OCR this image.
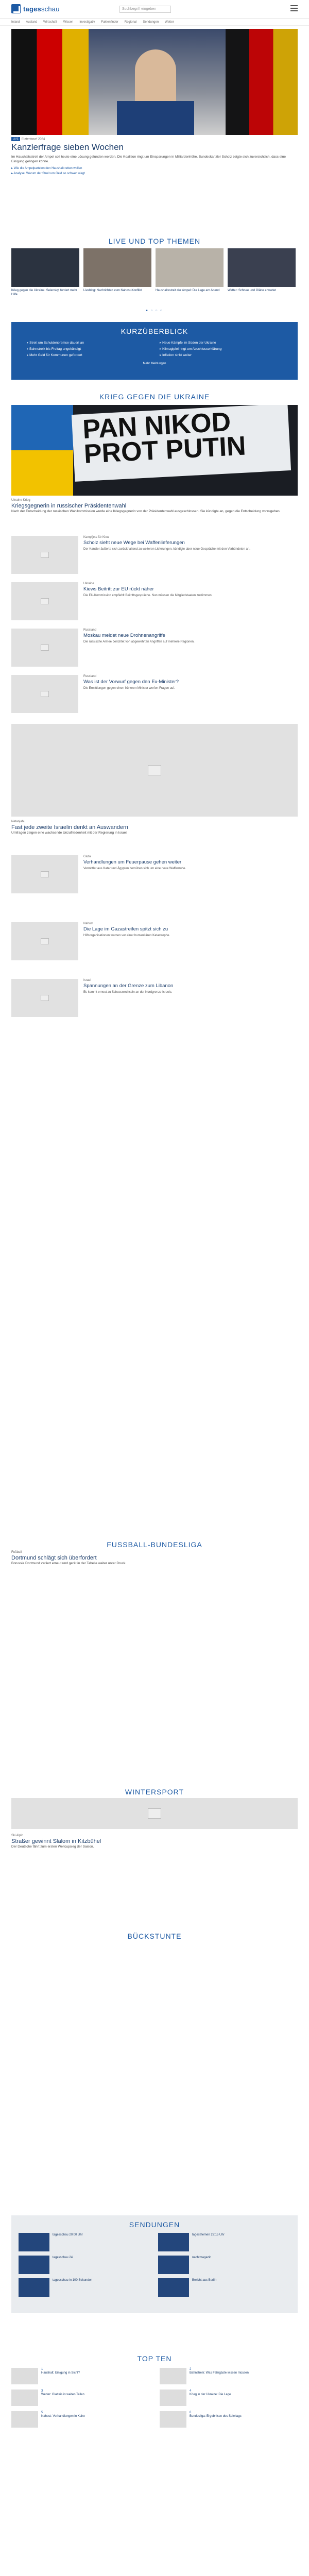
tagesschau	Suchbegriff eingeben
Inland Ausland Wirtschaft Wissen Investigativ Faktenfinder Regional Sendungen Wetter
LIVE Etatentwurf 2024
Kanzlerfrage sieben Wochen

Im Haushaltsstreit der Ampel soll heute eine Lösung gefunden werden. Die Koalition ringt um Einsparungen in Milliardenhöhe. Bundeskanzler Scholz zeigte sich zuversichtlich, dass eine Einigung gelingen könne.

▸ Wie die Ampelparteien den Haushalt retten wollen
▸ Analyse: Warum der Streit um Geld so schwer wiegt
LIVE UND TOP THEMEN
Krieg gegen die Ukraine: Selenskyj fordert mehr Hilfe
Liveblog: Nachrichten zum Nahost-Konflikt	Haushaltsstreit der Ampel: Die Lage am Abend	Wetter: Schnee und Glätte erwartet
● ○ ○ ○
KURZÜBERBLICK
▸ Streit um Schuldenbremse dauert an	▸ Neue Kämpfe im Süden der Ukraine
▸ Bahnstreik bis Freitag angekündigt	▸ Klimagipfel ringt um Abschlusserklärung
▸ Mehr Geld für Kommunen gefordert	▸ Inflation sinkt weiter
Mehr Meldungen
KRIEG GEGEN DIE UKRAINE
PAN NIKOD PROT PUTIN
Ukraine-Krieg
Kriegsgegnerin in russischer Präsidentenwahl

Nach der Entscheidung der russischen Wahlkommission wurde eine Kriegsgegnerin von der Präsidentenwahl ausgeschlossen. Sie kündigte an, gegen die Entscheidung vorzugehen.

Kampfjets für Kiew
Scholz sieht neue Wege bei Waffenlieferungen

Der Kanzler äußerte sich zurückhaltend zu weiteren Lieferungen, kündigte aber neue Gespräche mit den Verbündeten an.

Ukraine
Kiews Beitritt zur EU rückt näher

Die EU-Kommission empfiehlt Beitrittsgespräche. Nun müssen die Mitgliedstaaten zustimmen.

Russland
Moskau meldet neue Drohnenangriffe

Die russische Armee berichtet von abgewehrten Angriffen auf mehrere Regionen.

Russland
Was ist der Vorwurf gegen den Ex-Minister?

Die Ermittlungen gegen einen früheren Minister werfen Fragen auf.

Netanjahu
Fast jede zweite Israelin denkt an Auswandern

Umfragen zeigen eine wachsende Unzufriedenheit mit der Regierung in Israel.

Gaza
Verhandlungen um Feuerpause gehen weiter

Vermittler aus Katar und Ägypten bemühen sich um eine neue Waffenruhe.

Nahost
Die Lage im Gazastreifen spitzt sich zu

Hilfsorganisationen warnen vor einer humanitären Katastrophe.

Israel
Spannungen an der Grenze zum Libanon

Es kommt erneut zu Schusswechseln an der Nordgrenze Israels.

FUSSBALL-BUNDESLIGA
Fußball
Dortmund schlägt sich überfordert

Borussia Dortmund verliert erneut und gerät in der Tabelle weiter unter Druck.

WINTERSPORT
Ski Alpin
Straßer gewinnt Slalom in Kitzbühel

Der Deutsche fährt zum ersten Weltcupsieg der Saison.

BÜCKSTUNTE
SENDUNGEN
tagesschau 20:00 Uhr	tagesthemen 22:15 Uhr
tagesschau 24	nachtmagazin
tagesschau in 100 Sekunden	Bericht aus Berlin
TOP TEN
1
Haushalt: Einigung in Sicht?
2
Bahnstreik: Was Fahrgäste wissen müssen
3
Wetter: Glatteis in weiten Teilen
4
Krieg in der Ukraine: Die Lage
5
Nahost: Verhandlungen in Kairo
6
Bundesliga: Ergebnisse des Spieltags
